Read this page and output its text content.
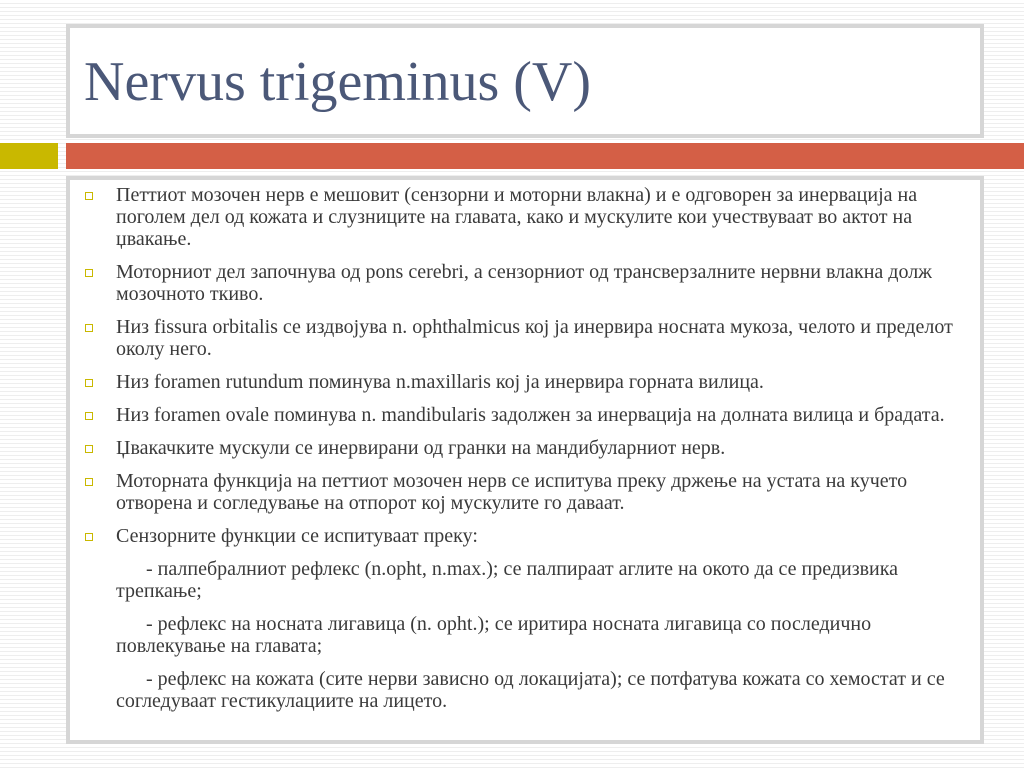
Nervus trigeminus (V)
Петтиот мозочен нерв е мешовит (сензорни и моторни влакна) и е одговорен за инервација на поголем дел од кожата и слузниците на главата, како и мускулите кои учествуваат во актот на џвакање.
Моторниот дел започнува од pons cerebri, а сензорниот од трансверзалните нервни влакна долж мозочното ткиво.
Низ fissura orbitalis се издвојува n. ophthalmicus кој ја инервира носната мукоза, челото и пределот околу него.
Низ foramen rutundum поминува n.maxillaris кој ја инервира горната вилица.
Низ foramen ovale поминува n. mandibularis задолжен за инервација на долната вилица и брадата.
Џвакачките мускули се инервирани од гранки на мандибуларниот нерв.
Моторната функција на петтиот мозочен нерв се испитува преку држење на устата на кучето отворена и согледување на отпорот кој мускулите го даваат.
Сензорните функции се испитуваат преку:
- палпебралниот рефлекс (n.opht, n.max.); се палпираат аглите на окото да се предизвика трепкање;
- рефлекс на носната лигавица (n. opht.); се иритира носната лигавица со последично повлекување на главата;
- рефлекс на кожата (сите нерви зависно од локацијата); се потфатува кожата со хемостат и се согледуваат гестикулациите на лицето.
